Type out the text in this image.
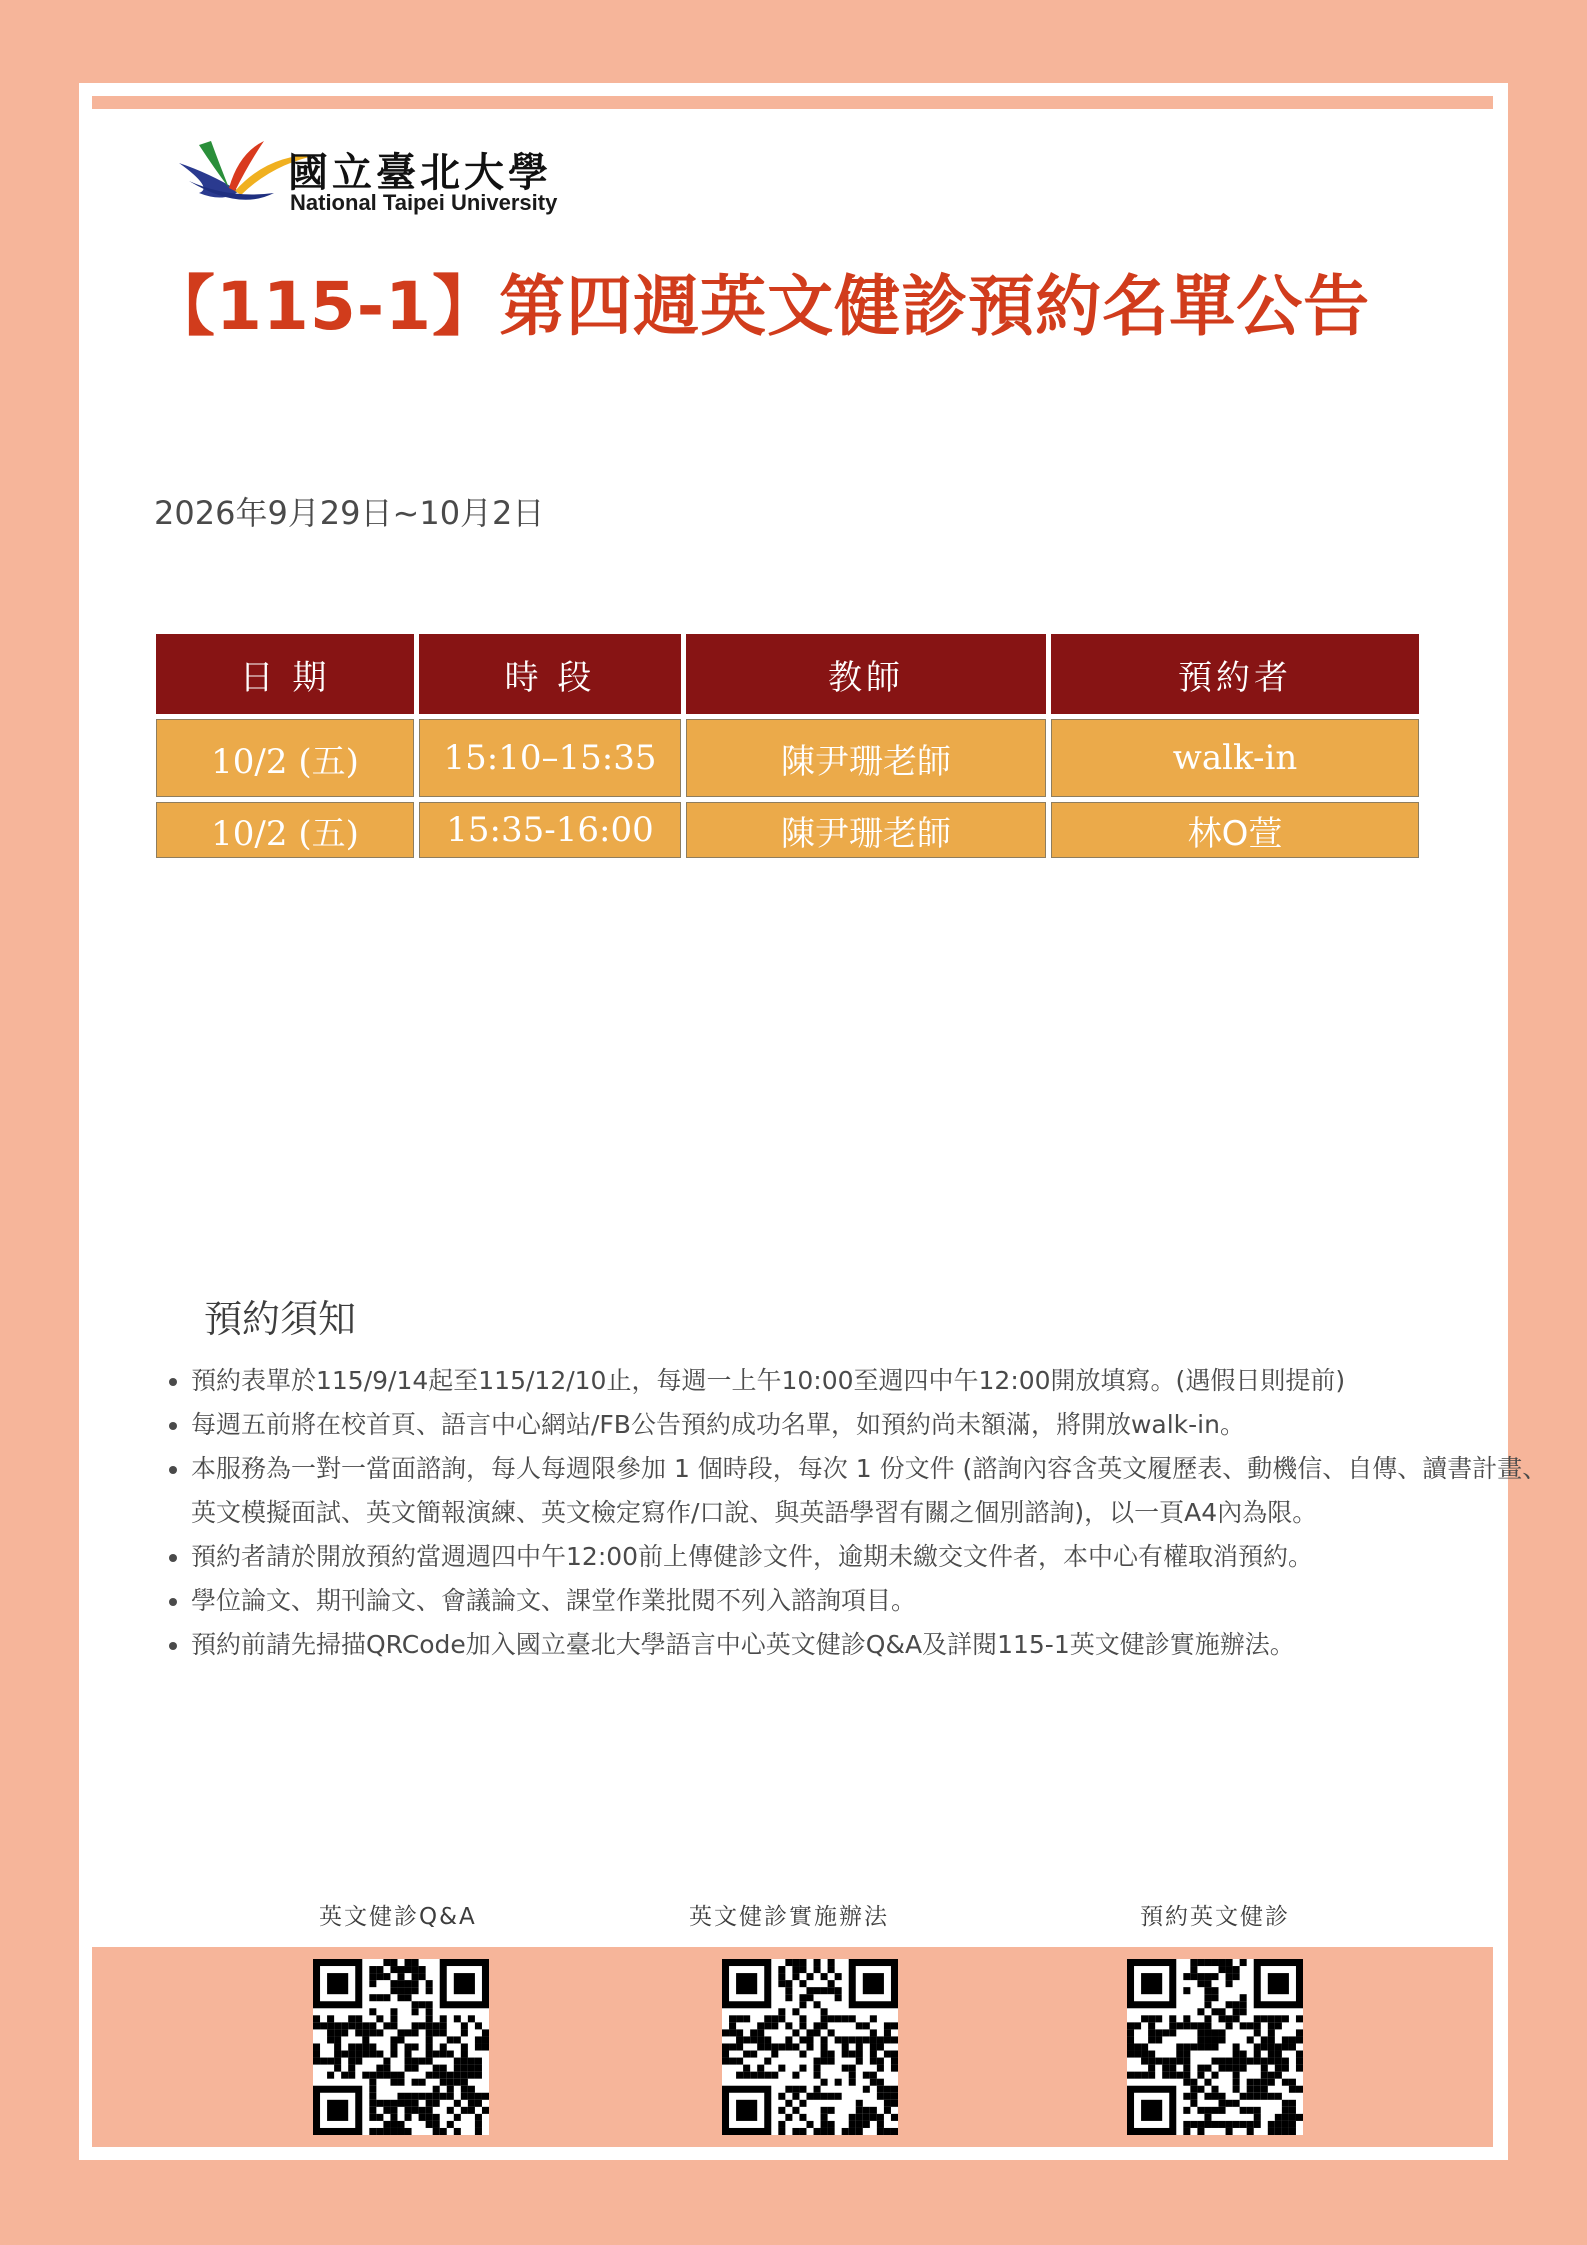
國立臺北大學
National Taipei University
【115-1】第四週英文健診預約名單公告
2026年9月29日~10月2日
日 期	時 段	教師	預約者
10/2 (五)	15:10–15:35	陳尹珊老師	walk-in
10/2 (五)	15:35-16:00	陳尹珊老師	林O萱
預約須知
• 預約表單於115/9/14起至115/12/10止，每週一上午10:00至週四中午12:00開放填寫。(遇假日則提前)
• 每週五前將在校首頁、語言中心網站/FB公告預約成功名單，如預約尚未額滿，將開放walk-in。
• 本服務為一對一當面諮詢，每人每週限參加 1 個時段，每次 1 份文件 (諮詢內容含英文履歷表、動機信、自傳、讀書計畫、英文模擬面試、英文簡報演練、英文檢定寫作/口說、與英語學習有關之個別諮詢)，以一頁A4內為限。
• 預約者請於開放預約當週週四中午12:00前上傳健診文件，逾期未繳交文件者，本中心有權取消預約。
• 學位論文、期刊論文、會議論文、課堂作業批閱不列入諮詢項目。
• 預約前請先掃描QRCode加入國立臺北大學語言中心英文健診Q&A及詳閱115-1英文健診實施辦法。
英文健診Q&A	英文健診實施辦法	預約英文健診
